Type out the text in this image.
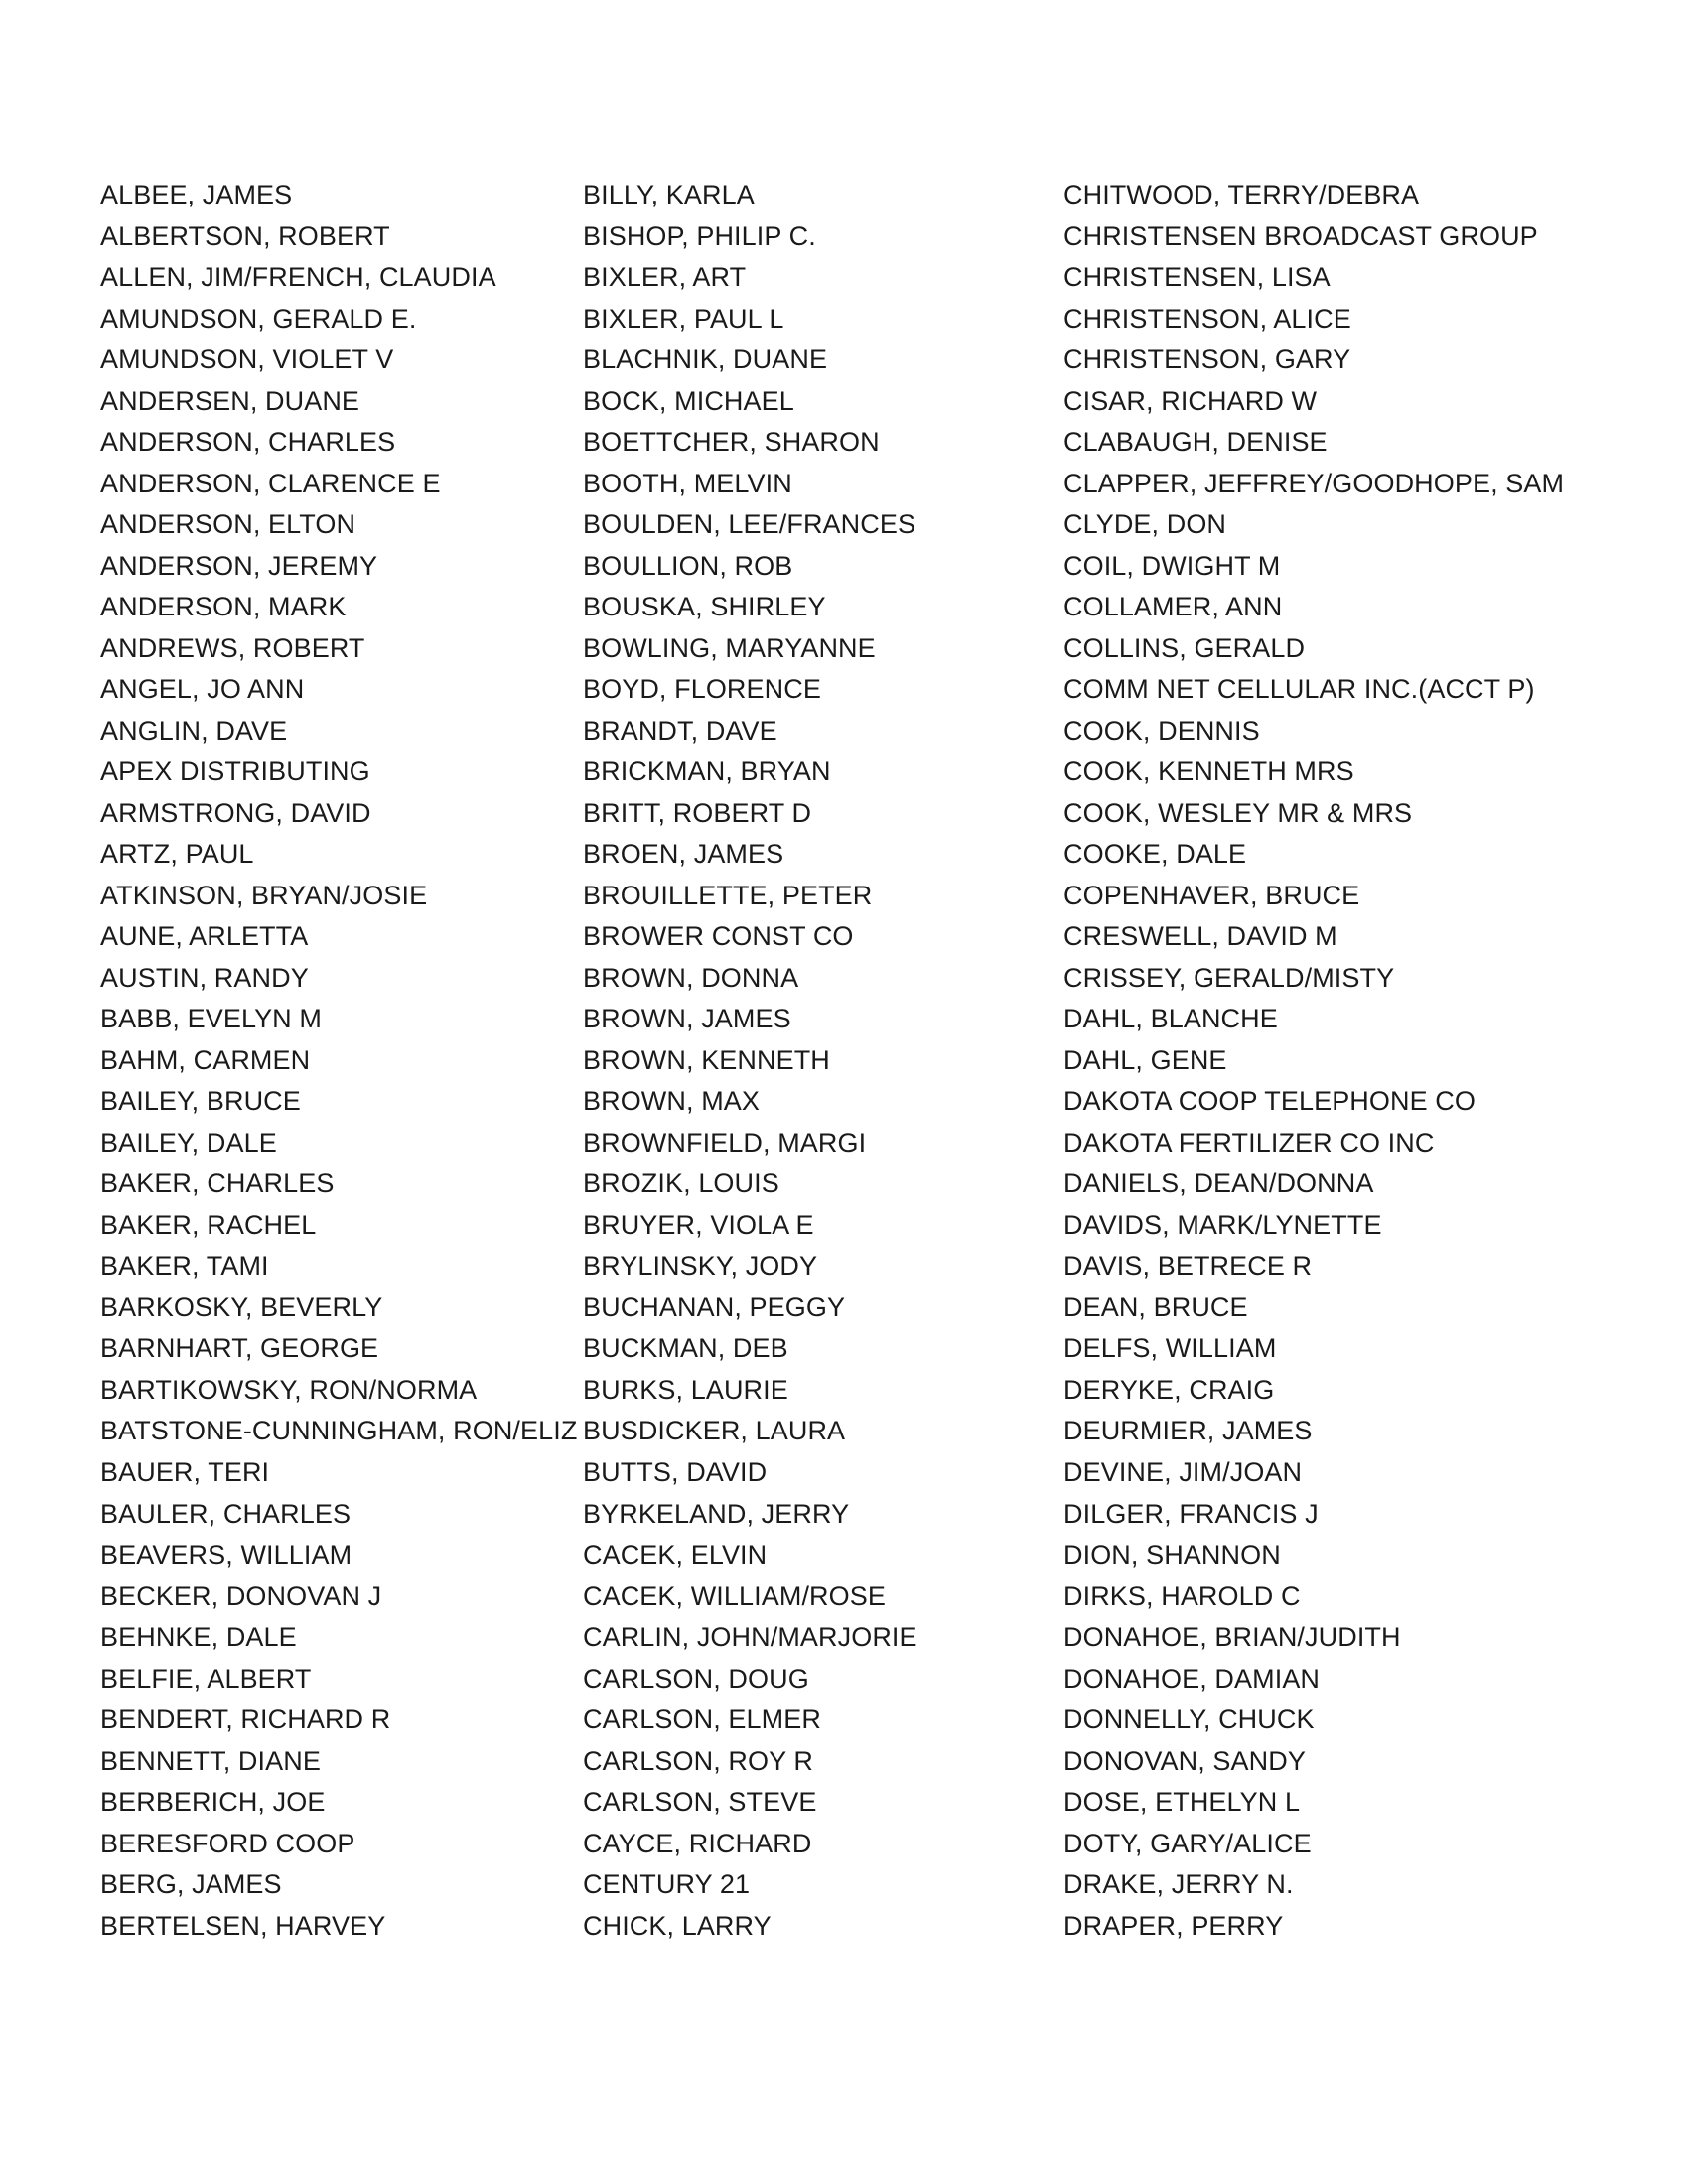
ALBEE, JAMES
ALBERTSON, ROBERT
ALLEN, JIM/FRENCH, CLAUDIA
AMUNDSON, GERALD E.
AMUNDSON, VIOLET V
ANDERSEN, DUANE
ANDERSON, CHARLES
ANDERSON, CLARENCE E
ANDERSON, ELTON
ANDERSON, JEREMY
ANDERSON, MARK
ANDREWS, ROBERT
ANGEL, JO ANN
ANGLIN, DAVE
APEX DISTRIBUTING
ARMSTRONG, DAVID
ARTZ, PAUL
ATKINSON, BRYAN/JOSIE
AUNE, ARLETTA
AUSTIN, RANDY
BABB, EVELYN M
BAHM, CARMEN
BAILEY, BRUCE
BAILEY, DALE
BAKER, CHARLES
BAKER, RACHEL
BAKER, TAMI
BARKOSKY, BEVERLY
BARNHART, GEORGE
BARTIKOWSKY, RON/NORMA
BATSTONE-CUNNINGHAM, RON/ELIZ
BAUER, TERI
BAULER, CHARLES
BEAVERS, WILLIAM
BECKER, DONOVAN J
BEHNKE, DALE
BELFIE, ALBERT
BENDERT, RICHARD R
BENNETT, DIANE
BERBERICH, JOE
BERESFORD COOP
BERG, JAMES
BERTELSEN, HARVEY
BILLY, KARLA
BISHOP, PHILIP C.
BIXLER, ART
BIXLER, PAUL L
BLACHNIK, DUANE
BOCK, MICHAEL
BOETTCHER, SHARON
BOOTH, MELVIN
BOULDEN, LEE/FRANCES
BOULLION, ROB
BOUSKA, SHIRLEY
BOWLING, MARYANNE
BOYD, FLORENCE
BRANDT, DAVE
BRICKMAN, BRYAN
BRITT, ROBERT D
BROEN, JAMES
BROUILLETTE, PETER
BROWER CONST CO
BROWN, DONNA
BROWN, JAMES
BROWN, KENNETH
BROWN, MAX
BROWNFIELD, MARGI
BROZIK, LOUIS
BRUYER, VIOLA E
BRYLINSKY, JODY
BUCHANAN, PEGGY
BUCKMAN, DEB
BURKS, LAURIE
BUSDICKER, LAURA
BUTTS, DAVID
BYRKELAND, JERRY
CACEK, ELVIN
CACEK, WILLIAM/ROSE
CARLIN, JOHN/MARJORIE
CARLSON, DOUG
CARLSON, ELMER
CARLSON, ROY R
CARLSON, STEVE
CAYCE, RICHARD
CENTURY 21
CHICK, LARRY
CHITWOOD, TERRY/DEBRA
CHRISTENSEN BROADCAST GROUP
CHRISTENSEN, LISA
CHRISTENSON, ALICE
CHRISTENSON, GARY
CISAR, RICHARD W
CLABAUGH, DENISE
CLAPPER, JEFFREY/GOODHOPE, SAM
CLYDE, DON
COIL, DWIGHT M
COLLAMER, ANN
COLLINS, GERALD
COMM NET CELLULAR INC.(ACCT P)
COOK, DENNIS
COOK, KENNETH MRS
COOK, WESLEY MR & MRS
COOKE, DALE
COPENHAVER, BRUCE
CRESWELL, DAVID M
CRISSEY, GERALD/MISTY
DAHL, BLANCHE
DAHL, GENE
DAKOTA COOP TELEPHONE CO
DAKOTA FERTILIZER CO INC
DANIELS, DEAN/DONNA
DAVIDS, MARK/LYNETTE
DAVIS, BETRECE R
DEAN, BRUCE
DELFS, WILLIAM
DERYKE, CRAIG
DEURMIER, JAMES
DEVINE, JIM/JOAN
DILGER, FRANCIS J
DION, SHANNON
DIRKS, HAROLD C
DONAHOE, BRIAN/JUDITH
DONAHOE, DAMIAN
DONNELLY, CHUCK
DONOVAN, SANDY
DOSE, ETHELYN L
DOTY, GARY/ALICE
DRAKE, JERRY N.
DRAPER, PERRY
